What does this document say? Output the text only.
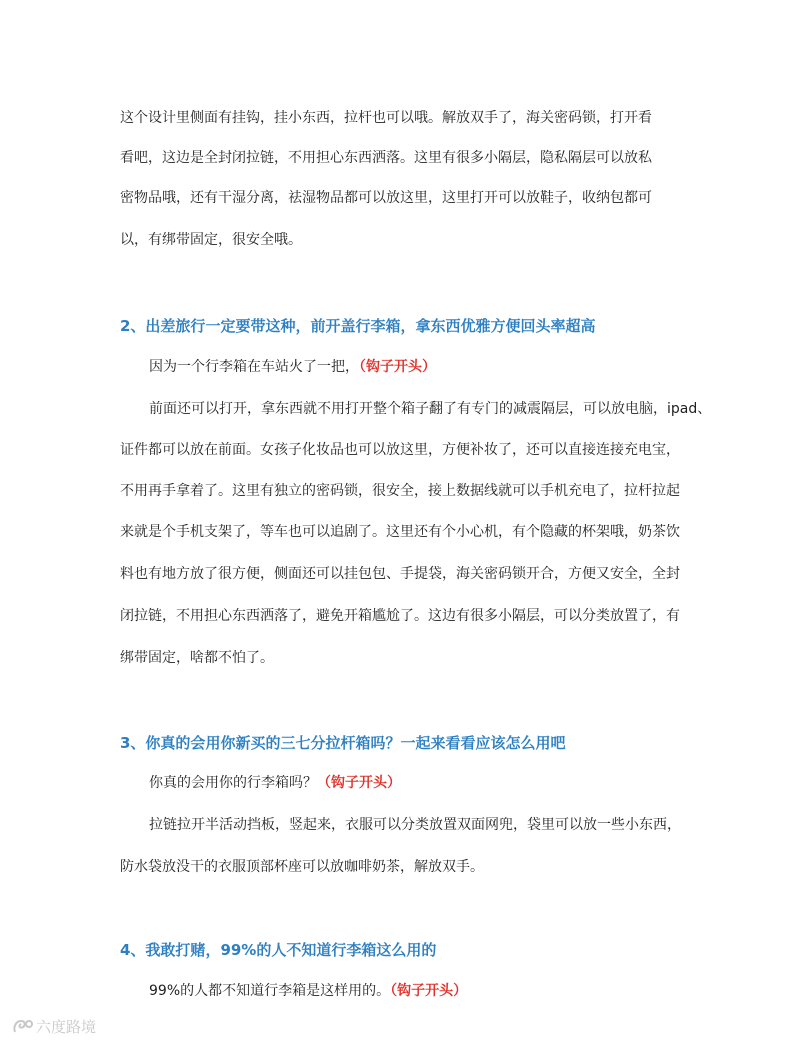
这个设计里侧面有挂钩，挂小东西，拉杆也可以哦。解放双手了，海关密码锁，打开看
看吧，这边是全封闭拉链，不用担心东西洒落。这里有很多小隔层，隐私隔层可以放私
密物品哦，还有干湿分离，祛湿物品都可以放这里，这里打开可以放鞋子，收纳包都可
以，有绑带固定，很安全哦。
2、出差旅行一定要带这种，前开盖行李箱，拿东西优雅方便回头率超高
因为一个行李箱在车站火了一把，（钩子开头）
前面还可以打开，拿东西就不用打开整个箱子翻了有专门的减震隔层，可以放电脑，ipad、
证件都可以放在前面。女孩子化妆品也可以放这里，方便补妆了，还可以直接连接充电宝，
不用再手拿着了。这里有独立的密码锁，很安全，接上数据线就可以手机充电了，拉杆拉起
来就是个手机支架了，等车也可以追剧了。这里还有个小心机，有个隐藏的杯架哦，奶茶饮
料也有地方放了很方便，侧面还可以挂包包、手提袋，海关密码锁开合，方便又安全，全封
闭拉链，不用担心东西洒落了，避免开箱尴尬了。这边有很多小隔层，可以分类放置了，有
绑带固定，啥都不怕了。
3、你真的会用你新买的三七分拉杆箱吗？一起来看看应该怎么用吧
你真的会用你的行李箱吗？（钩子开头）
拉链拉开半活动挡板，竖起来，衣服可以分类放置双面网兜，袋里可以放一些小东西，
防水袋放没干的衣服顶部杯座可以放咖啡奶茶，解放双手。
4、我敢打赌，99%的人不知道行李箱这么用的
99%的人都不知道行李箱是这样用的。（钩子开头）
六度路境
